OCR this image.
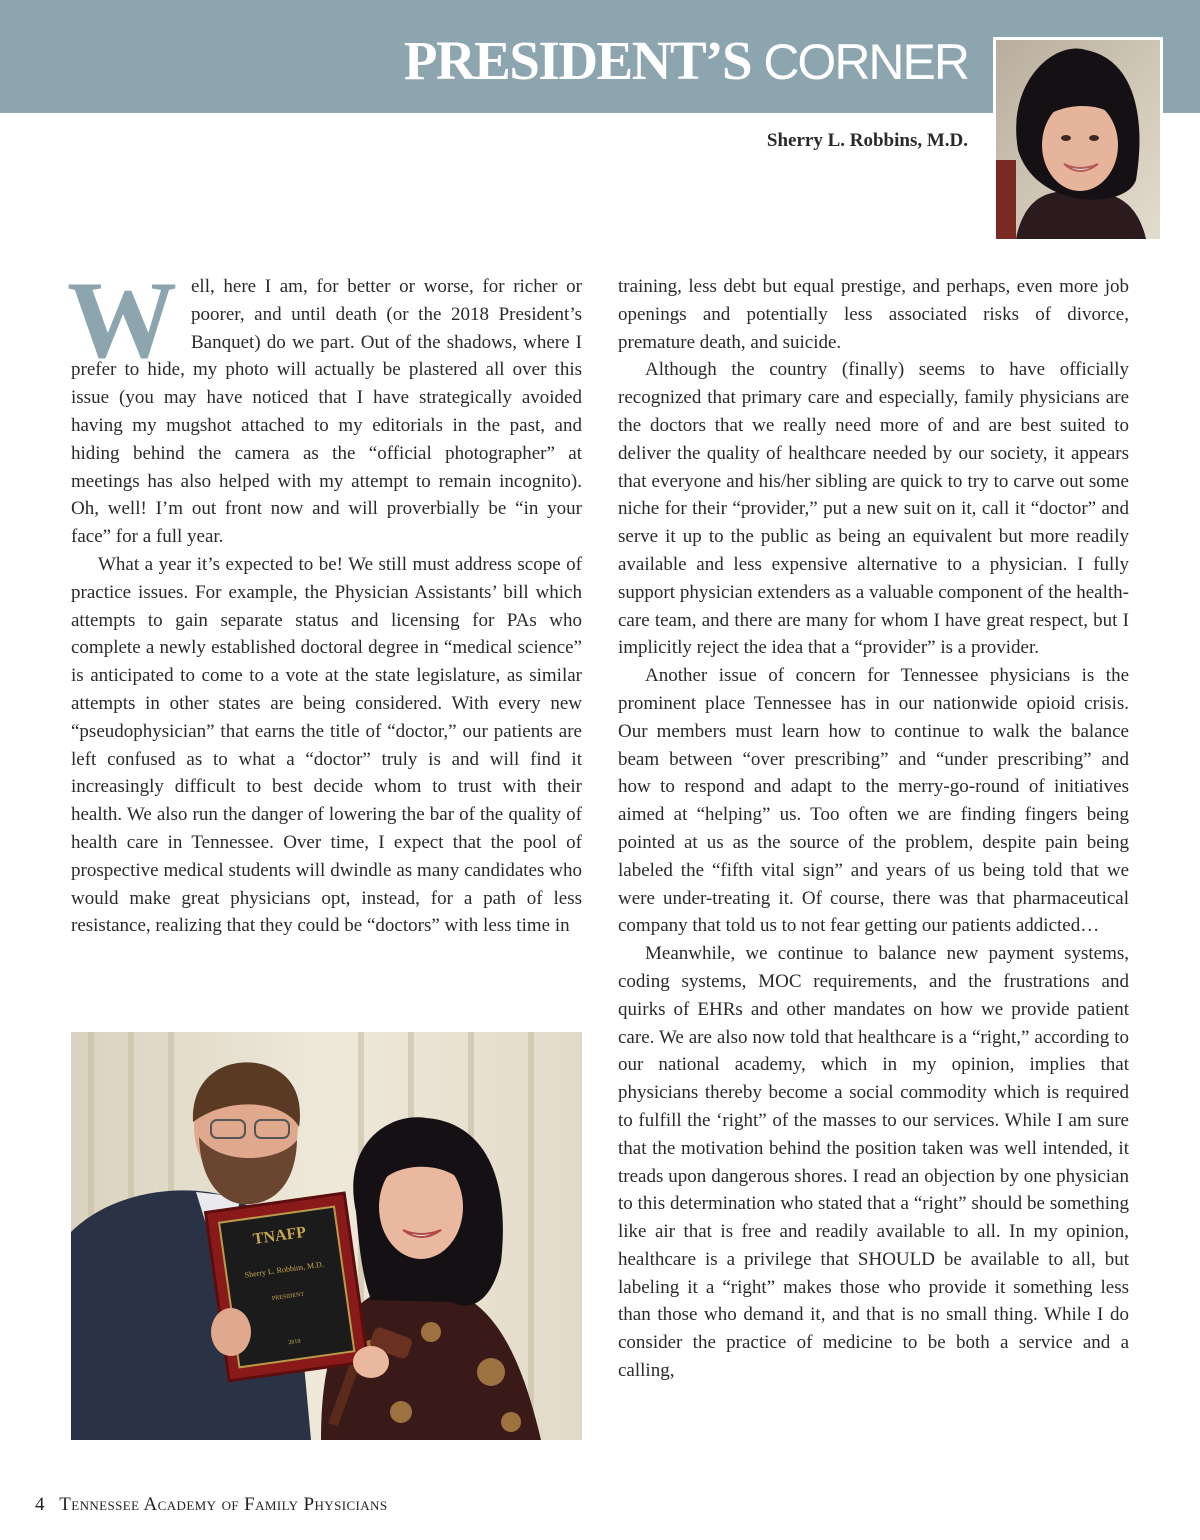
PRESIDENT’S CORNER
Sherry L. Robbins, M.D.
W ell, here I am, for better or worse, for richer or poorer, and until death (or the 2018 President’s Banquet) do we part. Out of the shadows, where I prefer to hide, my photo will actually be plastered all over this issue (you may have noticed that I have strategically avoided having my mugshot attached to my editorials in the past, and hiding behind the camera as the “official photographer” at meetings has also helped with my attempt to remain incognito). Oh, well! I’m out front now and will proverbially be “in your face” for a full year.

What a year it’s expected to be! We still must address scope of practice issues. For example, the Physician Assistants’ bill which attempts to gain separate status and licensing for PAs who complete a newly established doctoral degree in “medical science” is anticipated to come to a vote at the state legislature, as similar attempts in other states are being considered. With every new “pseudophysician” that earns the title of “doctor,” our patients are left confused as to what a “doctor” truly is and will find it increasingly difficult to best decide whom to trust with their health. We also run the danger of lowering the bar of the quality of health care in Tennessee. Over time, I expect that the pool of prospective medical students will dwindle as many candidates who would make great physicians opt, instead, for a path of less resistance, realizing that they could be “doctors” with less time in

TNAFP
Sherry L. Robbins, M.D.
PRESIDENT
2018

training, less debt but equal prestige, and perhaps, even more job openings and potentially less associated risks of divorce, premature death, and suicide.

Although the country (finally) seems to have officially recognized that primary care and especially, family physicians are the doctors that we really need more of and are best suited to deliver the quality of healthcare needed by our society, it appears that everyone and his/her sibling are quick to try to carve out some niche for their “provider,” put a new suit on it, call it “doctor” and serve it up to the public as being an equivalent but more readily available and less expensive alternative to a physician. I fully support physician extenders as a valuable component of the health-care team, and there are many for whom I have great respect, but I implicitly reject the idea that a “provider” is a provider.

Another issue of concern for Tennessee physicians is the prominent place Tennessee has in our nationwide opioid crisis. Our members must learn how to continue to walk the balance beam between “over prescribing” and “under prescribing” and how to respond and adapt to the merry-go-round of initiatives aimed at “helping” us. Too often we are finding fingers being pointed at us as the source of the problem, despite pain being labeled the “fifth vital sign” and years of us being told that we were under-treating it. Of course, there was that pharmaceutical company that told us to not fear getting our patients addicted…

Meanwhile, we continue to balance new payment systems, coding systems, MOC requirements, and the frustrations and quirks of EHRs and other mandates on how we provide patient care. We are also now told that healthcare is a “right,” according to our national academy, which in my opinion, implies that physicians thereby become a social commodity which is required to fulfill the ‘right” of the masses to our services. While I am sure that the motivation behind the position taken was well intended, it treads upon dangerous shores. I read an objection by one physician to this determination who stated that a “right” should be something like air that is free and readily available to all. In my opinion, healthcare is a privilege that SHOULD be available to all, but labeling it a “right” makes those who provide it something less than those who demand it, and that is no small thing. While I do consider the practice of medicine to be both a service and a calling,

4 Tennessee Academy of Family Physicians
